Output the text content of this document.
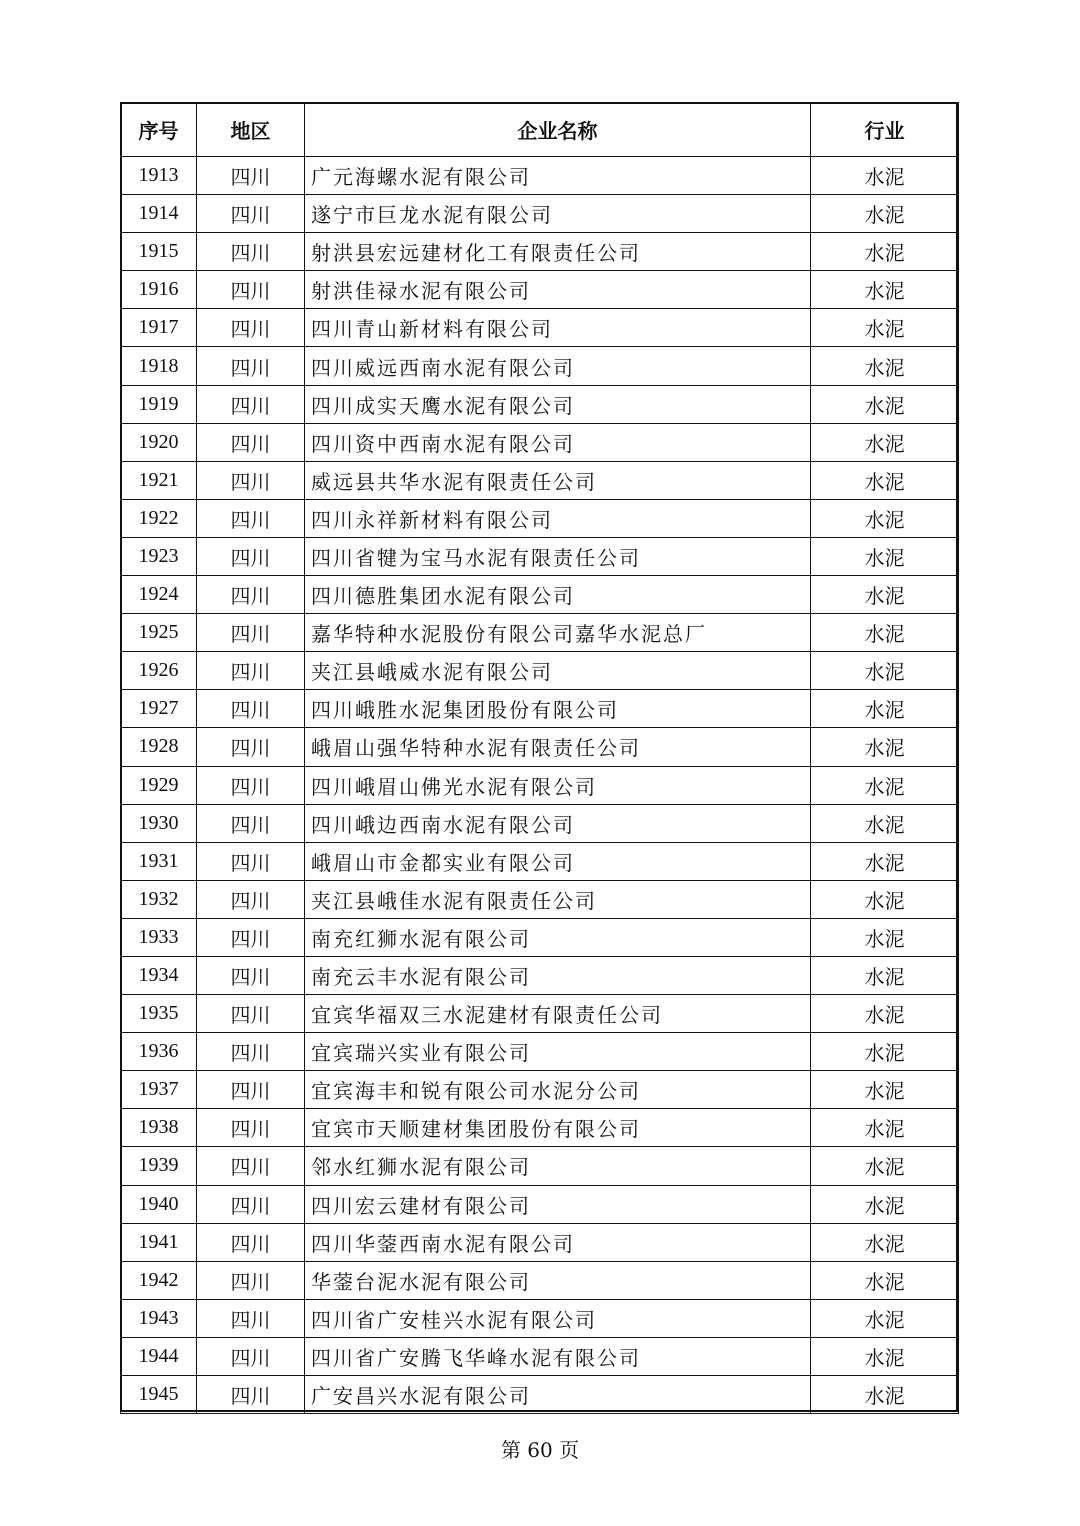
序号	地区	企业名称	行业
1913	四川	广元海螺水泥有限公司	水泥
1914	四川	遂宁市巨龙水泥有限公司	水泥
1915	四川	射洪县宏远建材化工有限责任公司	水泥
1916	四川	射洪佳禄水泥有限公司	水泥
1917	四川	四川青山新材料有限公司	水泥
1918	四川	四川威远西南水泥有限公司	水泥
1919	四川	四川成实天鹰水泥有限公司	水泥
1920	四川	四川资中西南水泥有限公司	水泥
1921	四川	威远县共华水泥有限责任公司	水泥
1922	四川	四川永祥新材料有限公司	水泥
1923	四川	四川省犍为宝马水泥有限责任公司	水泥
1924	四川	四川德胜集团水泥有限公司	水泥
1925	四川	嘉华特种水泥股份有限公司嘉华水泥总厂	水泥
1926	四川	夹江县峨威水泥有限公司	水泥
1927	四川	四川峨胜水泥集团股份有限公司	水泥
1928	四川	峨眉山强华特种水泥有限责任公司	水泥
1929	四川	四川峨眉山佛光水泥有限公司	水泥
1930	四川	四川峨边西南水泥有限公司	水泥
1931	四川	峨眉山市金都实业有限公司	水泥
1932	四川	夹江县峨佳水泥有限责任公司	水泥
1933	四川	南充红狮水泥有限公司	水泥
1934	四川	南充云丰水泥有限公司	水泥
1935	四川	宜宾华福双三水泥建材有限责任公司	水泥
1936	四川	宜宾瑞兴实业有限公司	水泥
1937	四川	宜宾海丰和锐有限公司水泥分公司	水泥
1938	四川	宜宾市天顺建材集团股份有限公司	水泥
1939	四川	邻水红狮水泥有限公司	水泥
1940	四川	四川宏云建材有限公司	水泥
1941	四川	四川华蓥西南水泥有限公司	水泥
1942	四川	华蓥台泥水泥有限公司	水泥
1943	四川	四川省广安桂兴水泥有限公司	水泥
1944	四川	四川省广安腾飞华峰水泥有限公司	水泥
1945	四川	广安昌兴水泥有限公司	水泥
第 60 页
